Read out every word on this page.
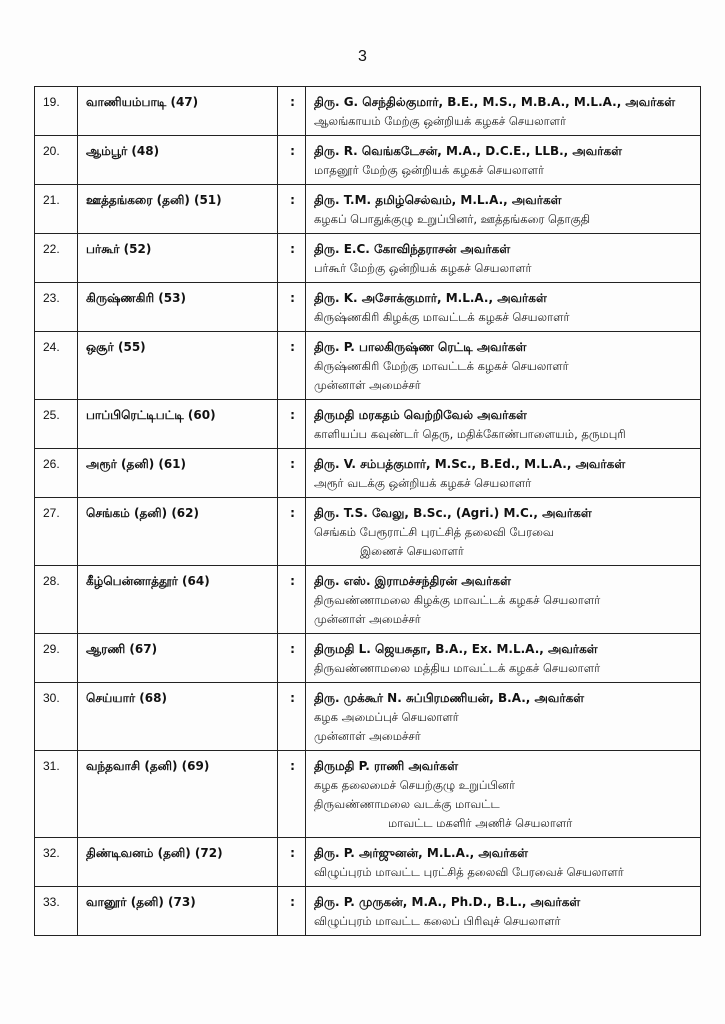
3
19.	வாணியம்பாடி (47)	:	திரு. G. செந்தில்குமார், B.E., M.S., M.B.A., M.L.A., அவர்கள்
ஆலங்காயம் மேற்கு ஒன்றியக் கழகச் செயலாளர்

20.	ஆம்பூர் (48)	:	திரு. R. வெங்கடேசன், M.A., D.C.E., LLB., அவர்கள்
மாதனூர் மேற்கு ஒன்றியக் கழகச் செயலாளர்

21.	ஊத்தங்கரை (தனி) (51)	:	திரு. T.M. தமிழ்செல்வம், M.L.A., அவர்கள்
கழகப் பொதுக்குழு உறுப்பினர், ஊத்தங்கரை தொகுதி

22.	பர்கூர் (52)	:	திரு. E.C. கோவிந்தராசன் அவர்கள்
பர்கூர் மேற்கு ஒன்றியக் கழகச் செயலாளர்

23.	கிருஷ்ணகிரி (53)	:	திரு. K. அசோக்குமார், M.L.A., அவர்கள்
கிருஷ்ணகிரி கிழக்கு மாவட்டக் கழகச் செயலாளர்

24.	ஒசூர் (55)	:	திரு. P. பாலகிருஷ்ண ரெட்டி அவர்கள்
கிருஷ்ணகிரி மேற்கு மாவட்டக் கழகச் செயலாளர்
முன்னாள் அமைச்சர்

25.	பாப்பிரெட்டிபட்டி (60)	:	திருமதி மரகதம் வெற்றிவேல் அவர்கள்
காளியப்ப கவுண்டர் தெரு, மதிக்கோண்பாளையம், தருமபுரி

26.	அரூர் (தனி) (61)	:	திரு. V. சம்பத்குமார், M.Sc., B.Ed., M.L.A., அவர்கள்
அரூர் வடக்கு ஒன்றியக் கழகச் செயலாளர்

27.	செங்கம் (தனி) (62)	:	திரு. T.S. வேலு, B.Sc., (Agri.) M.C., அவர்கள்
செங்கம் பேரூராட்சி புரட்சித் தலைவி பேரவை
இணைச் செயலாளர்

28.	கீழ்பென்னாத்தூர் (64)	:	திரு. எஸ். இராமச்சந்திரன் அவர்கள்
திருவண்ணாமலை கிழக்கு மாவட்டக் கழகச் செயலாளர்
முன்னாள் அமைச்சர்

29.	ஆரணி (67)	:	திருமதி L. ஜெயசுதா, B.A., Ex. M.L.A., அவர்கள்
திருவண்ணாமலை மத்திய மாவட்டக் கழகச் செயலாளர்

30.	செய்யார் (68)	:	திரு. முக்கூர் N. சுப்பிரமணியன், B.A., அவர்கள்
கழக அமைப்புச் செயலாளர்
முன்னாள் அமைச்சர்

31.	வந்தவாசி (தனி) (69)	:	திருமதி P. ராணி அவர்கள்
கழக தலைமைச் செயற்குழு உறுப்பினர்
திருவண்ணாமலை வடக்கு மாவட்ட
மாவட்ட மகளிர் அணிச் செயலாளர்

32.	திண்டிவனம் (தனி) (72)	:	திரு. P. அர்ஜுனன், M.L.A., அவர்கள்
விழுப்புரம் மாவட்ட புரட்சித் தலைவி பேரவைச் செயலாளர்

33.	வானூர் (தனி) (73)	:	திரு. P. முருகன், M.A., Ph.D., B.L., அவர்கள்
விழுப்புரம் மாவட்ட கலைப் பிரிவுச் செயலாளர்
